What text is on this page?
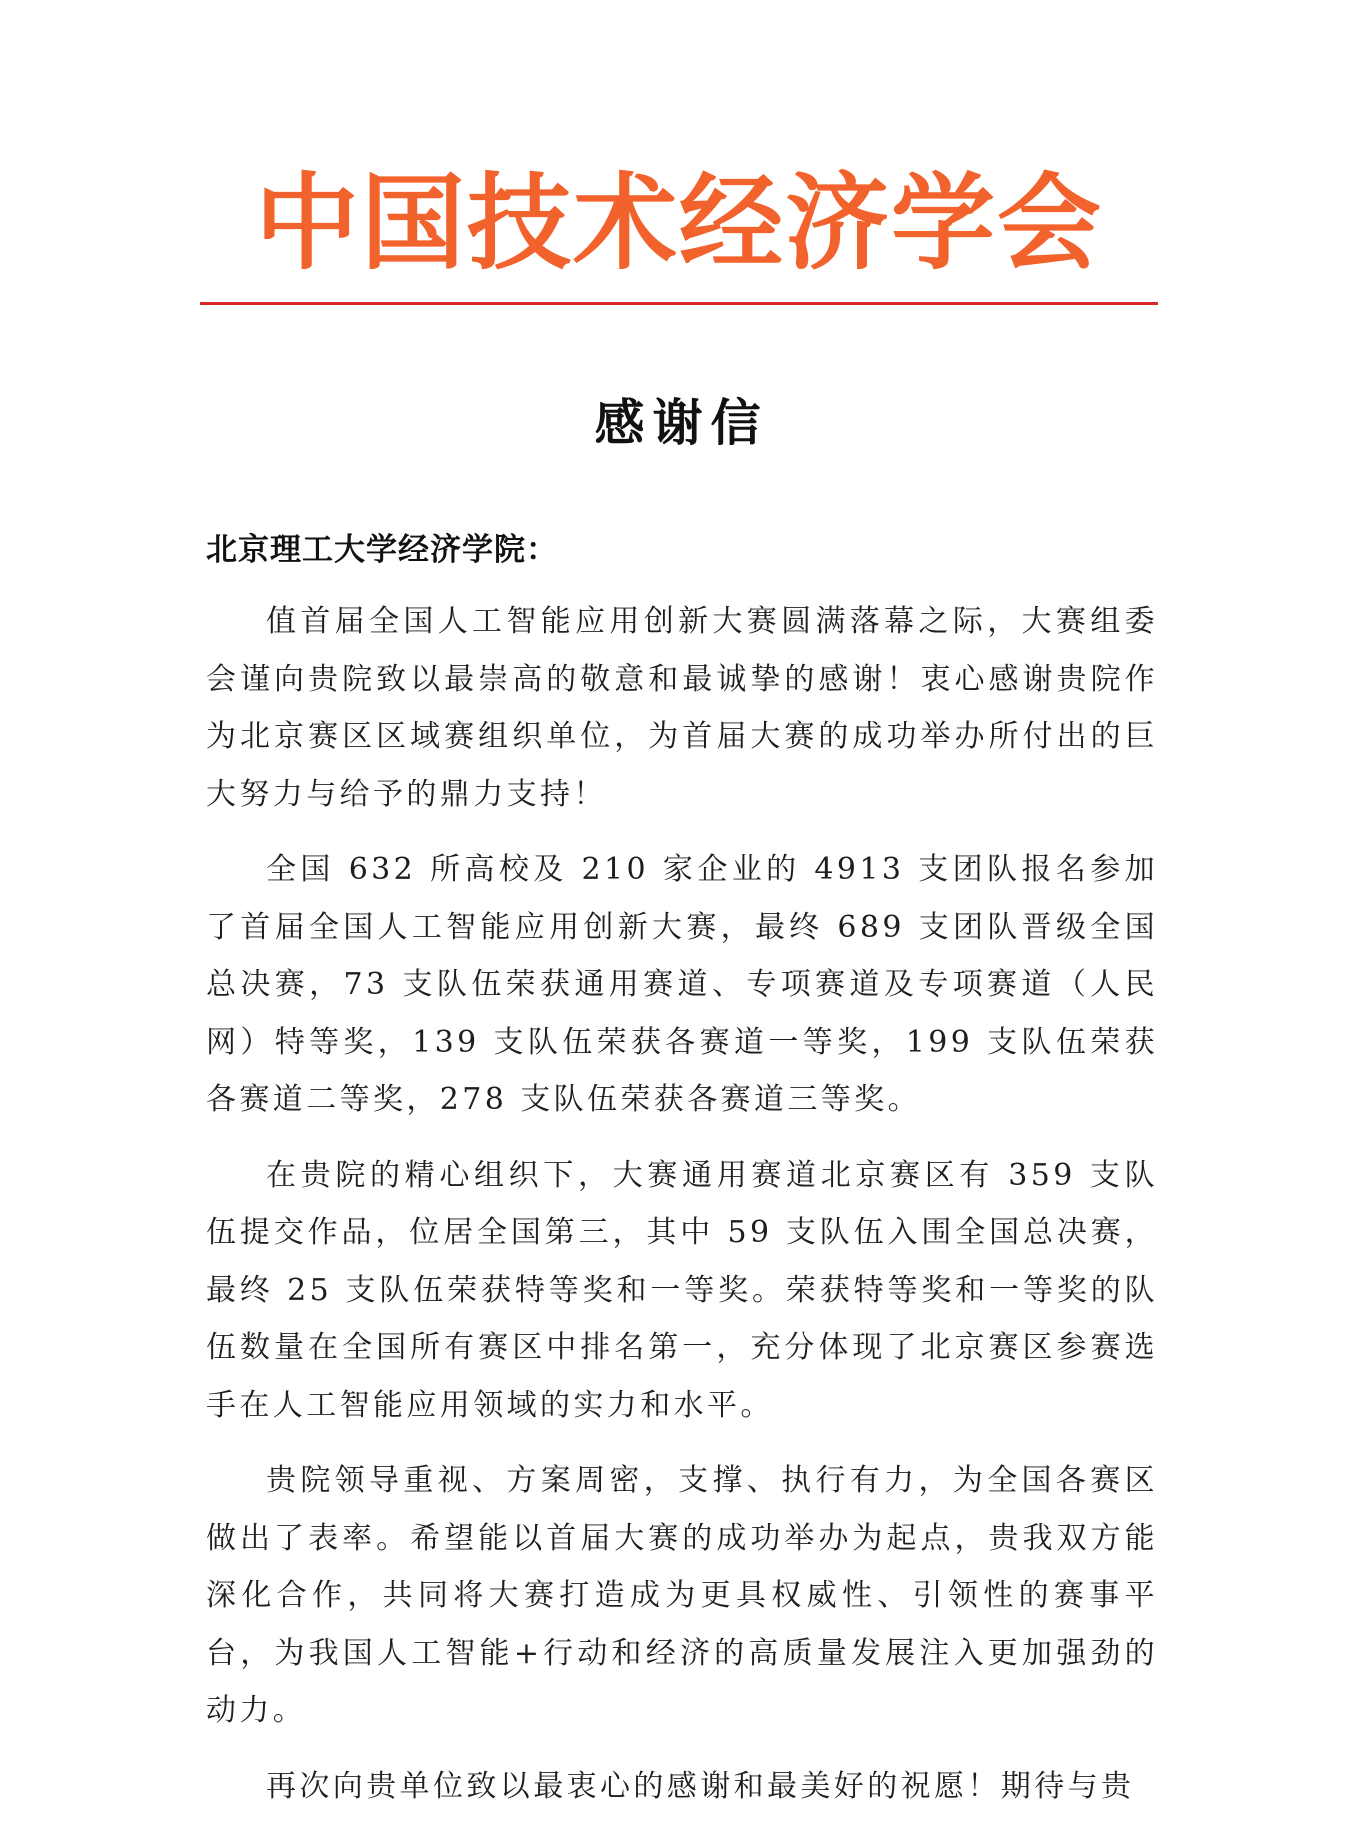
中国技术经济学会
感谢信
北京理工大学经济学院：

值首届全国人工智能应用创新大赛圆满落幕之际，大赛组委会谨向贵院致以最崇高的敬意和最诚挚的感谢！衷心感谢贵院作为北京赛区区域赛组织单位，为首届大赛的成功举办所付出的巨大努力与给予的鼎力支持！

全国 632 所高校及 210 家企业的 4913 支团队报名参加了首届全国人工智能应用创新大赛，最终 689 支团队晋级全国总决赛，73 支队伍荣获通用赛道、专项赛道及专项赛道（人民网）特等奖，139 支队伍荣获各赛道一等奖，199 支队伍荣获各赛道二等奖，278 支队伍荣获各赛道三等奖。

在贵院的精心组织下，大赛通用赛道北京赛区有 359 支队伍提交作品，位居全国第三，其中 59 支队伍入围全国总决赛，最终 25 支队伍荣获特等奖和一等奖。荣获特等奖和一等奖的队伍数量在全国所有赛区中排名第一，充分体现了北京赛区参赛选手在人工智能应用领域的实力和水平。

贵院领导重视、方案周密，支撑、执行有力，为全国各赛区做出了表率。希望能以首届大赛的成功举办为起点，贵我双方能深化合作，共同将大赛打造成为更具权威性、引领性的赛事平台，为我国人工智能+行动和经济的高质量发展注入更加强劲的动力。

再次向贵单位致以最衷心的感谢和最美好的祝愿！期待与贵
